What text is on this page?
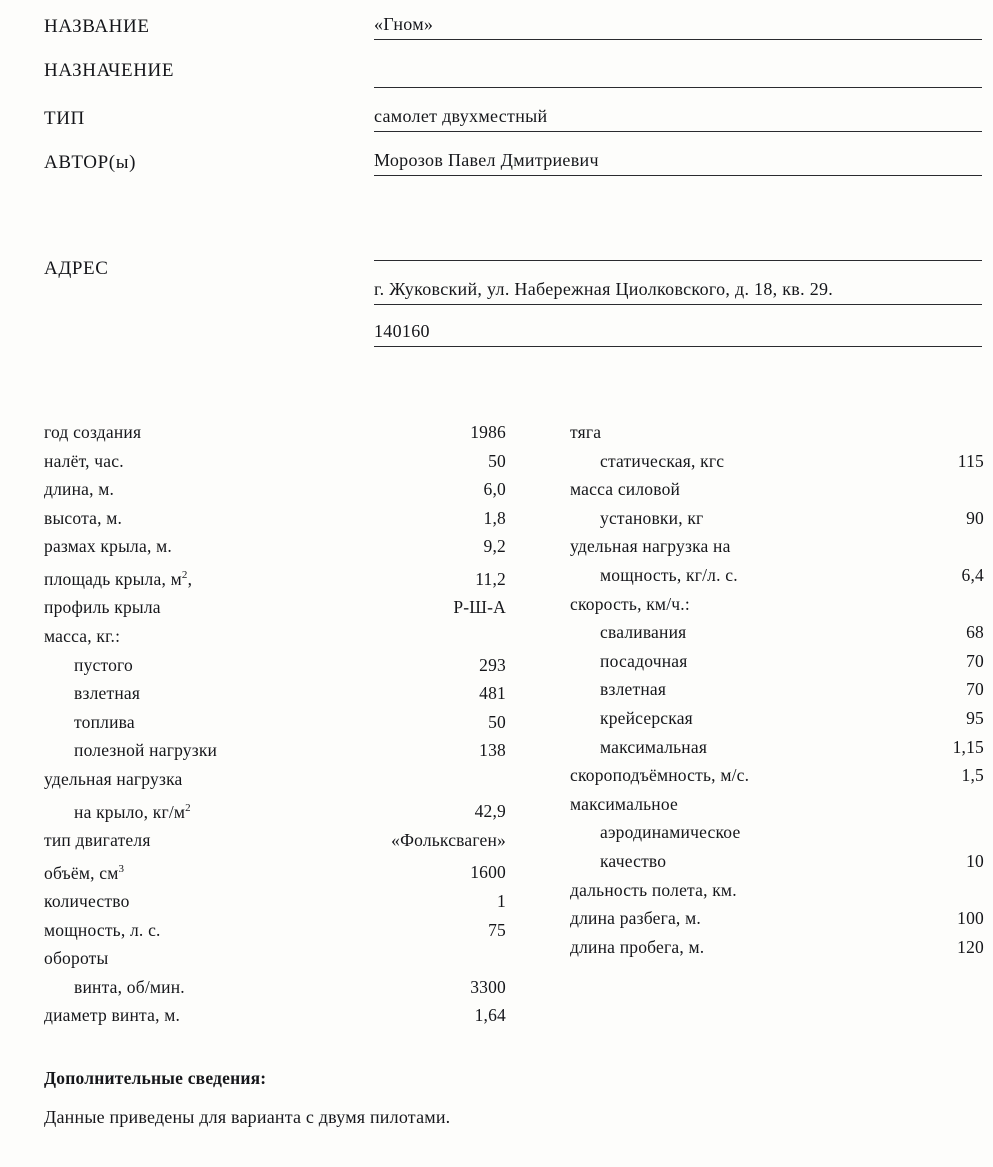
НАЗВАНИЕ	«Гном»
НАЗНАЧЕНИЕ
ТИП	самолет двухместный
АВТОР(ы)	Морозов Павел Дмитриевич
АДРЕС
г. Жуковский, ул. Набережная Циолковского, д. 18, кв. 29.
140160
год создания	1986
налёт, час.	50
длина, м.	6,0
высота, м.	1,8
размах крыла, м.	9,2
площадь крыла, $м^2$,	11,2
профиль крыла	Р-Ш-А
масса, кг.:
пустого	293
взлетная	481
топлива	50
полезной нагрузки	138
удельная нагрузка
на крыло, $кг/м^2$	42,9
тип двигателя	«Фольксваген»
объём, $см^3$	1600
количество	1
мощность, л. с.	75
обороты
винта, об/мин.	3300
диаметр винта, м.	1,64
тяга
статическая, кгс	115
масса силовой
установки, кг	90
удельная нагрузка на
мощность, кг/л. с.	6,4
скорость, км/ч.:
сваливания	68
посадочная	70
взлетная	70
крейсерская	95
максимальная	1,15
скороподъёмность, м/с.	1,5
максимальное
аэродинамическое
качество	10
дальность полета, км.
длина разбега, м.	100
длина пробега, м.	120
Дополнительные сведения:
Данные приведены для варианта с двумя пилотами.
